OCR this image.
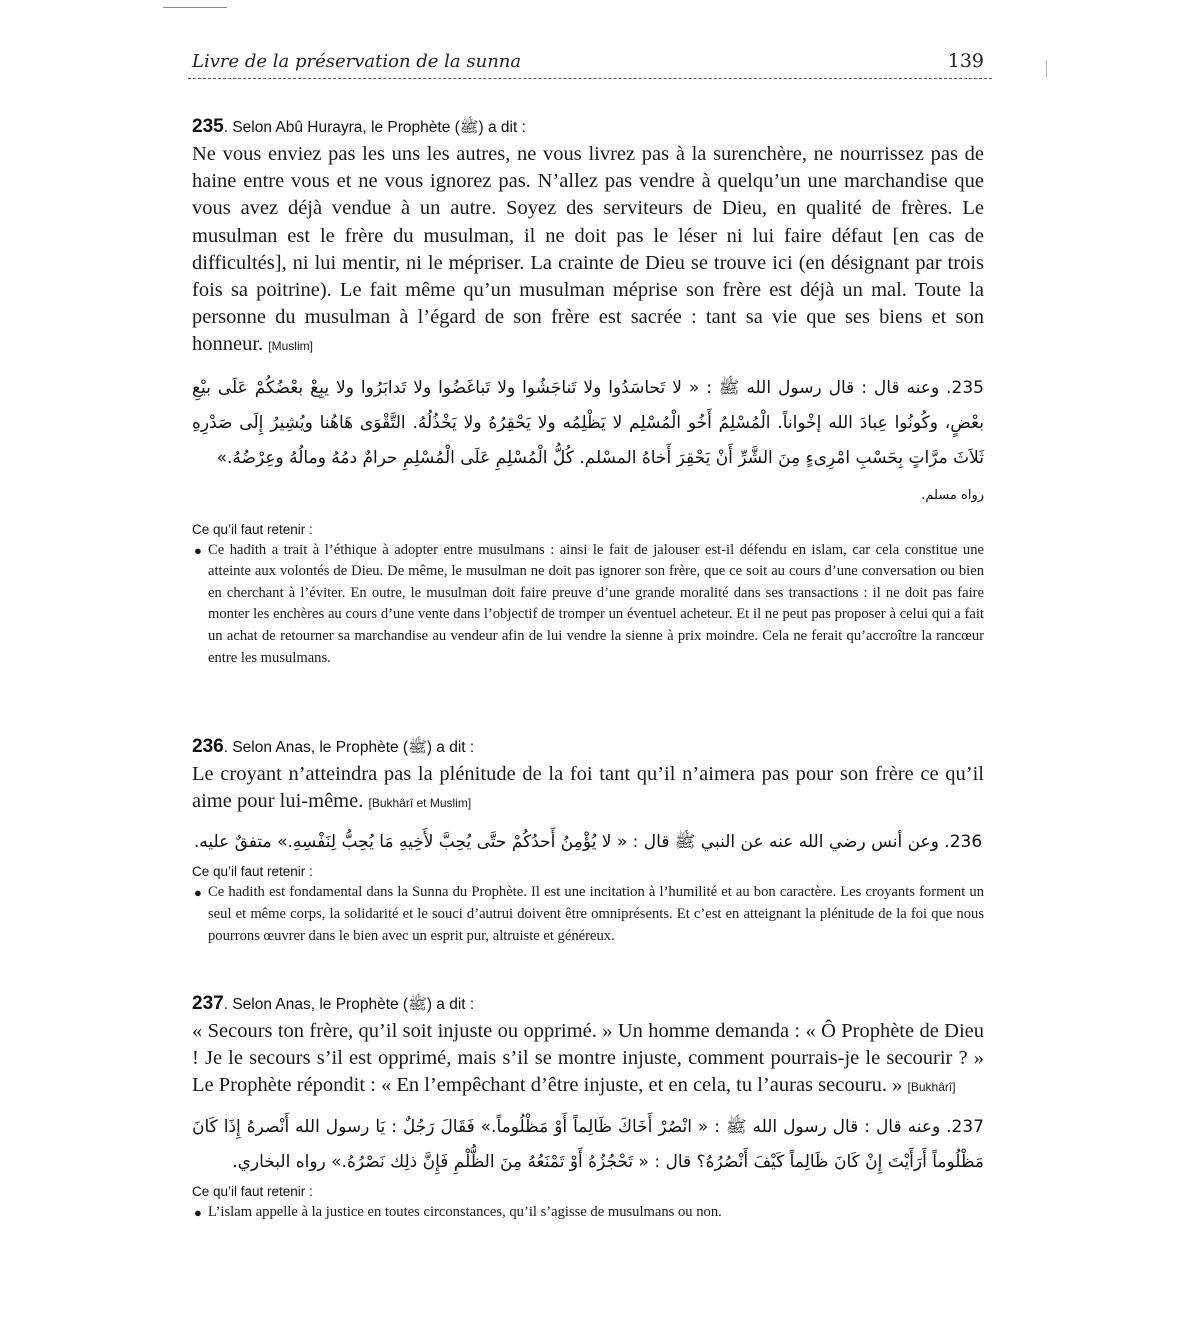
Livre de la préservation de la sunna	139
235. Selon Abû Hurayra, le Prophète (ﷺ) a dit :

Ne vous enviez pas les uns les autres, ne vous livrez pas à la surenchère, ne nourrissez pas de haine entre vous et ne vous ignorez pas. N’allez pas vendre à quelqu’un une marchandise que vous avez déjà vendue à un autre. Soyez des serviteurs de Dieu, en qualité de frères. Le musulman est le frère du musulman, il ne doit pas le léser ni lui faire défaut [en cas de difficultés], ni lui mentir, ni le mépriser. La crainte de Dieu se trouve ici (en désignant par trois fois sa poitrine). Le fait même qu’un musulman méprise son frère est déjà un mal. Toute la personne du musulman à l’égard de son frère est sacrée : tant sa vie que ses biens et son honneur. [Muslim]

235. وعنه قال : قال رسول الله ﷺ : « لا تَحاسَدُوا ولا تَناجَشُوا ولا تَباغَضُوا ولا تَدابَرُوا ولا يبِعْ بعْضُكُمْ عَلَى بيْعِ بعْضٍ، وكُونُوا عِبادَ الله إخْواناً. الْمُسْلِمُ أَخُو الْمُسْلِم لا يَظْلِمُه ولا يَحْقِرُهُ ولا يَخْذُلُهُ. التَّقْوَى هَاهُنا ويُشِيرُ إِلَى صَدْرِهِ ثَلاَثَ مرَّاتٍ بِحَسْبِ امْرِىءٍ مِنَ الشَّرِّ أَنْ يَحْقِرَ أَخاهُ المسْلم. كُلُّ الْمُسْلِمِ عَلَى الْمُسْلِمِ حرامٌ دمُهُ ومالُهُ وعِرْضُهُ.»

رواه مسلم.

Ce qu’il faut retenir :
● Ce hadith a trait à l’éthique à adopter entre musulmans : ainsi le fait de jalouser est-il défendu en islam, car cela constitue une atteinte aux volontés de Dieu. De même, le musulman ne doit pas ignorer son frère, que ce soit au cours d’une conversation ou bien en cherchant à l’éviter. En outre, le musulman doit faire preuve d’une grande moralité dans ses transactions : il ne doit pas faire monter les enchères au cours d’une vente dans l’objectif de tromper un éventuel acheteur. Et il ne peut pas proposer à celui qui a fait un achat de retourner sa marchandise au vendeur afin de lui vendre la sienne à prix moindre. Cela ne ferait qu’accroître la rancœur entre les musulmans.
236. Selon Anas, le Prophète (ﷺ) a dit :

Le croyant n’atteindra pas la plénitude de la foi tant qu’il n’aimera pas pour son frère ce qu’il aime pour lui-même. [Bukhârî et Muslim]

236. وعن أنس رضي الله عنه عن النبي ﷺ قال : « لا يُؤْمِنُ أَحدُكُمْ حتَّى يُحِبَّ لأَخِيهِ مَا يُحِبُّ لِنَفْسِهِ.» متفقٌ عليه.

Ce qu’il faut retenir :
● Ce hadith est fondamental dans la Sunna du Prophète. Il est une incitation à l’humilité et au bon caractère. Les croyants forment un seul et même corps, la solidarité et le souci d’autrui doivent être omniprésents. Et c’est en atteignant la plénitude de la foi que nous pourrons œuvrer dans le bien avec un esprit pur, altruiste et généreux.
237. Selon Anas, le Prophète (ﷺ) a dit :

« Secours ton frère, qu’il soit injuste ou opprimé. » Un homme demanda : « Ô Prophète de Dieu ! Je le secours s’il est opprimé, mais s’il se montre injuste, comment pourrais-je le secourir ? » Le Prophète répondit : « En l’empêchant d’être injuste, et en cela, tu l’auras secouru. » [Bukhârî]

237. وعنه قال : قال رسول الله ﷺ : « انْصُرْ أَخَاكَ ظَالِماً أَوْ مَظْلُوماً.» فَقَالَ رَجُلٌ : يَا رسول الله أَنْصرهُ إِذَا كَانَ مَظْلُوماً أَرَأَيْتَ إِنْ كَانَ ظَالِماً كَيْفَ أَنْصُرُهُ؟ قال : « تَحْجُزُهُ أَوْ تَمْنَعُهُ مِنَ الظُّلْمِ فَإِنَّ ذلِك نَصْرُهُ.» رواه البخاري.

Ce qu’il faut retenir :
● L’islam appelle à la justice en toutes circonstances, qu’il s’agisse de musulmans ou non.
